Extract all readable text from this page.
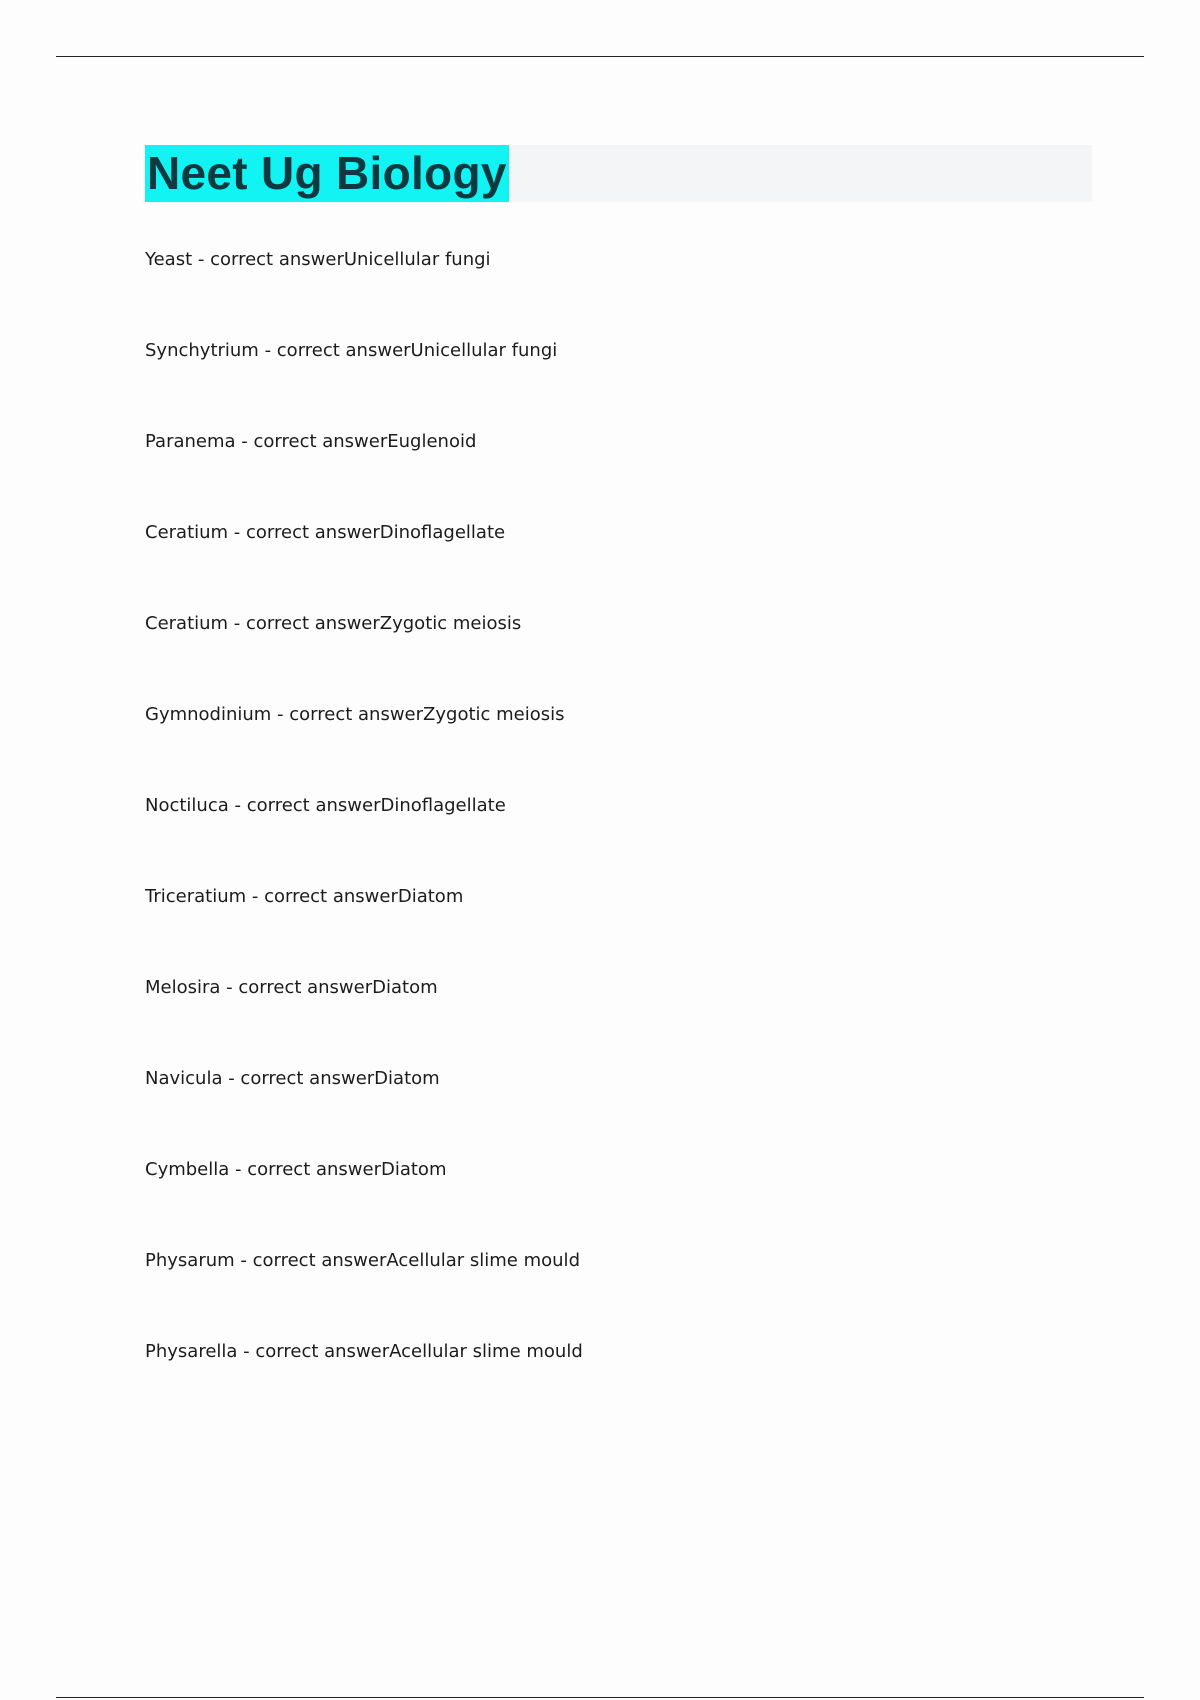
Neet Ug Biology
Yeast - correct answerUnicellular fungi
Synchytrium - correct answerUnicellular fungi
Paranema - correct answerEuglenoid
Ceratium - correct answerDinoflagellate
Ceratium - correct answerZygotic meiosis
Gymnodinium - correct answerZygotic meiosis
Noctiluca - correct answerDinoflagellate
Triceratium - correct answerDiatom
Melosira - correct answerDiatom
Navicula - correct answerDiatom
Cymbella - correct answerDiatom
Physarum - correct answerAcellular slime mould
Physarella - correct answerAcellular slime mould
